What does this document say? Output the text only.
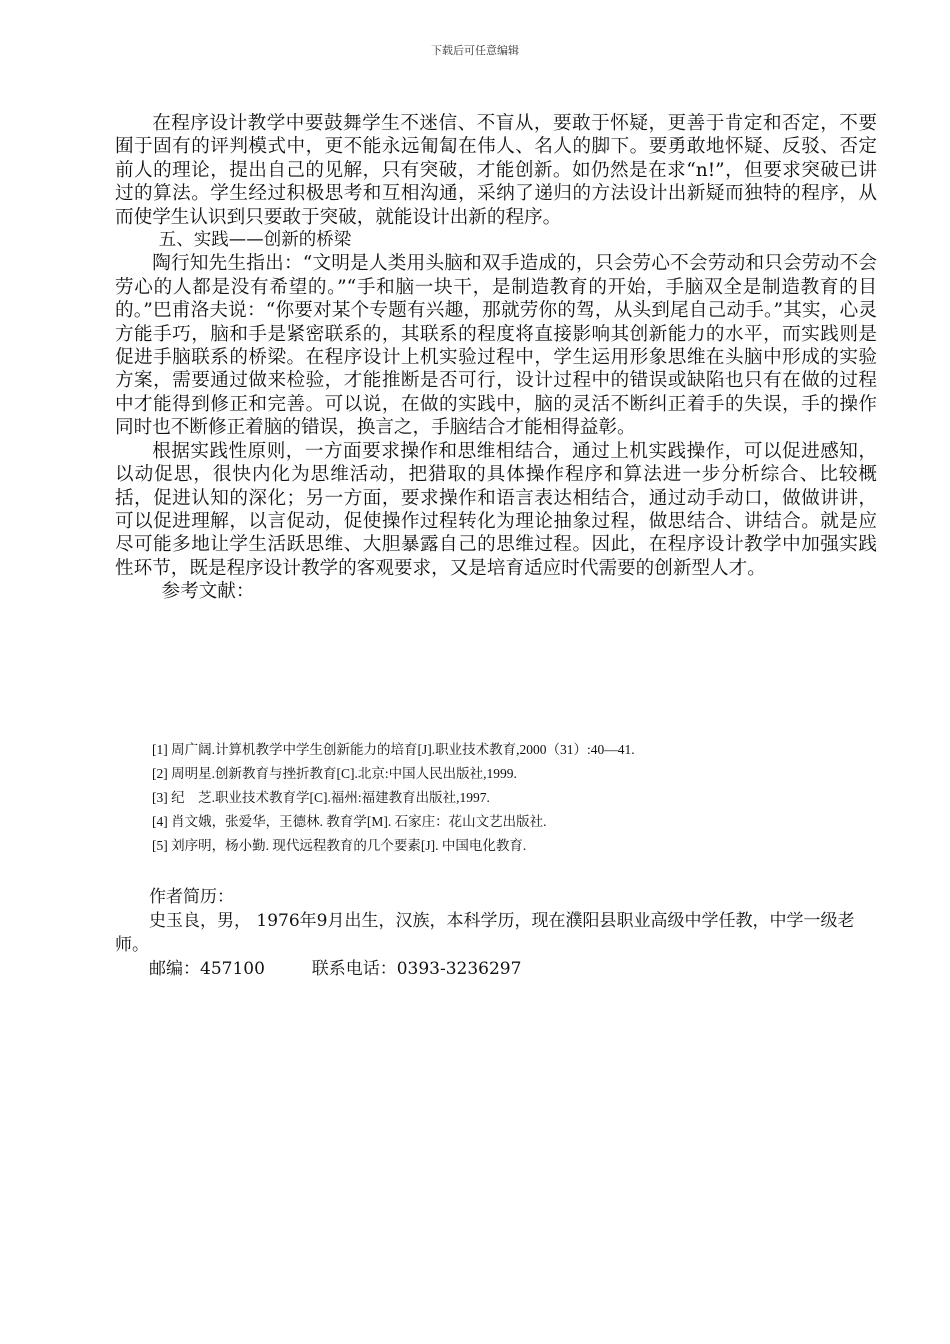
下载后可任意编辑

在程序设计教学中要鼓舞学生不迷信、不盲从，要敢于怀疑，更善于肯定和否定，不要囿于固有的评判模式中，更不能永远匍匐在伟人、名人的脚下。要勇敢地怀疑、反驳、否定前人的理论，提出自己的见解，只有突破，才能创新。如仍然是在求“n!”，但要求突破已讲过的算法。学生经过积极思考和互相沟通，采纳了递归的方法设计出新疑而独特的程序，从而使学生认识到只要敢于突破，就能设计出新的程序。

五、实践——创新的桥梁

陶行知先生指出：“文明是人类用头脑和双手造成的，只会劳心不会劳动和只会劳动不会劳心的人都是没有希望的。”“手和脑一块干，是制造教育的开始，手脑双全是制造教育的目的。”巴甫洛夫说：“你要对某个专题有兴趣，那就劳你的驾，从头到尾自己动手。”其实，心灵方能手巧，脑和手是紧密联系的，其联系的程度将直接影响其创新能力的水平，而实践则是促进手脑联系的桥梁。在程序设计上机实验过程中，学生运用形象思维在头脑中形成的实验方案，需要通过做来检验，才能推断是否可行，设计过程中的错误或缺陷也只有在做的过程中才能得到修正和完善。可以说，在做的实践中，脑的灵活不断纠正着手的失误，手的操作同时也不断修正着脑的错误，换言之，手脑结合才能相得益彰。

根据实践性原则，一方面要求操作和思维相结合，通过上机实践操作，可以促进感知，以动促思，很快内化为思维活动，把猎取的具体操作程序和算法进一步分析综合、比较概括，促进认知的深化；另一方面，要求操作和语言表达相结合，通过动手动口，做做讲讲，可以促进理解，以言促动，促使操作过程转化为理论抽象过程，做思结合、讲结合。就是应尽可能多地让学生活跃思维、大胆暴露自己的思维过程。因此，在程序设计教学中加强实践性环节，既是程序设计教学的客观要求，又是培育适应时代需要的创新型人才。

参考文献：

[1] 周广阔.计算机教学中学生创新能力的培育[J].职业技术教育,2000（31）:40—41.
[2] 周明星.创新教育与挫折教育[C].北京:中国人民出版社,1999.
[3] 纪　芝.职业技术教育学[C].福州:福建教育出版社,1997.
[4] 肖文娥，张爱华，王德林. 教育学[M]. 石家庄：花山文艺出版社.
[5] 刘序明，杨小勤. 现代远程教育的几个要素[J]. 中国电化教育.

作者简历：

史玉良，男， 1976年9月出生，汉族，本科学历，现在濮阳县职业高级中学任教，中学一级老师。

邮编：457100	联系电话：0393-3236297
